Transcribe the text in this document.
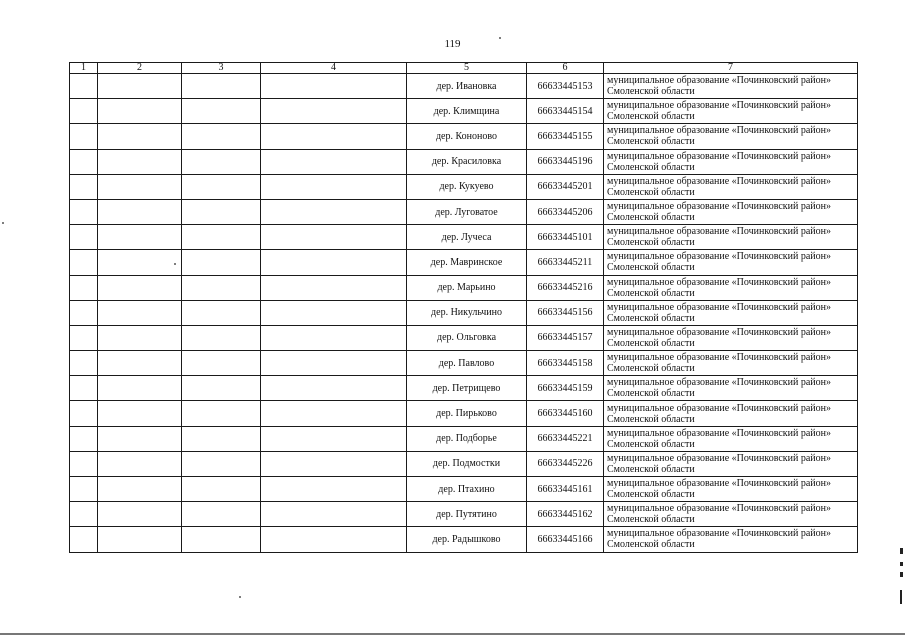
119
1	2	3	4	5	6	7
				дер. Ивановка	66633445153	муниципальное образование «Починковский район»
Смоленской области

				дер. Климщина	66633445154	муниципальное образование «Починковский район»
Смоленской области

				дер. Кононово	66633445155	муниципальное образование «Починковский район»
Смоленской области

				дер. Красиловка	66633445196	муниципальное образование «Починковский район»
Смоленской области

				дер. Кукуево	66633445201	муниципальное образование «Починковский район»
Смоленской области

				дер. Луговатое	66633445206	муниципальное образование «Починковский район»
Смоленской области

				дер. Лучеса	66633445101	муниципальное образование «Починковский район»
Смоленской области

				дер. Мавринское	66633445211	муниципальное образование «Починковский район»
Смоленской области

				дер. Марьино	66633445216	муниципальное образование «Починковский район»
Смоленской области

				дер. Никульчино	66633445156	муниципальное образование «Починковский район»
Смоленской области

				дер. Ольговка	66633445157	муниципальное образование «Починковский район»
Смоленской области

				дер. Павлово	66633445158	муниципальное образование «Починковский район»
Смоленской области

				дер. Петрищево	66633445159	муниципальное образование «Починковский район»
Смоленской области

				дер. Пирьково	66633445160	муниципальное образование «Починковский район»
Смоленской области

				дер. Подборье	66633445221	муниципальное образование «Починковский район»
Смоленской области

				дер. Подмостки	66633445226	муниципальное образование «Починковский район»
Смоленской области

				дер. Птахино	66633445161	муниципальное образование «Починковский район»
Смоленской области

				дер. Путятино	66633445162	муниципальное образование «Починковский район»
Смоленской области

				дер. Радышково	66633445166	муниципальное образование «Починковский район»
Смоленской области
